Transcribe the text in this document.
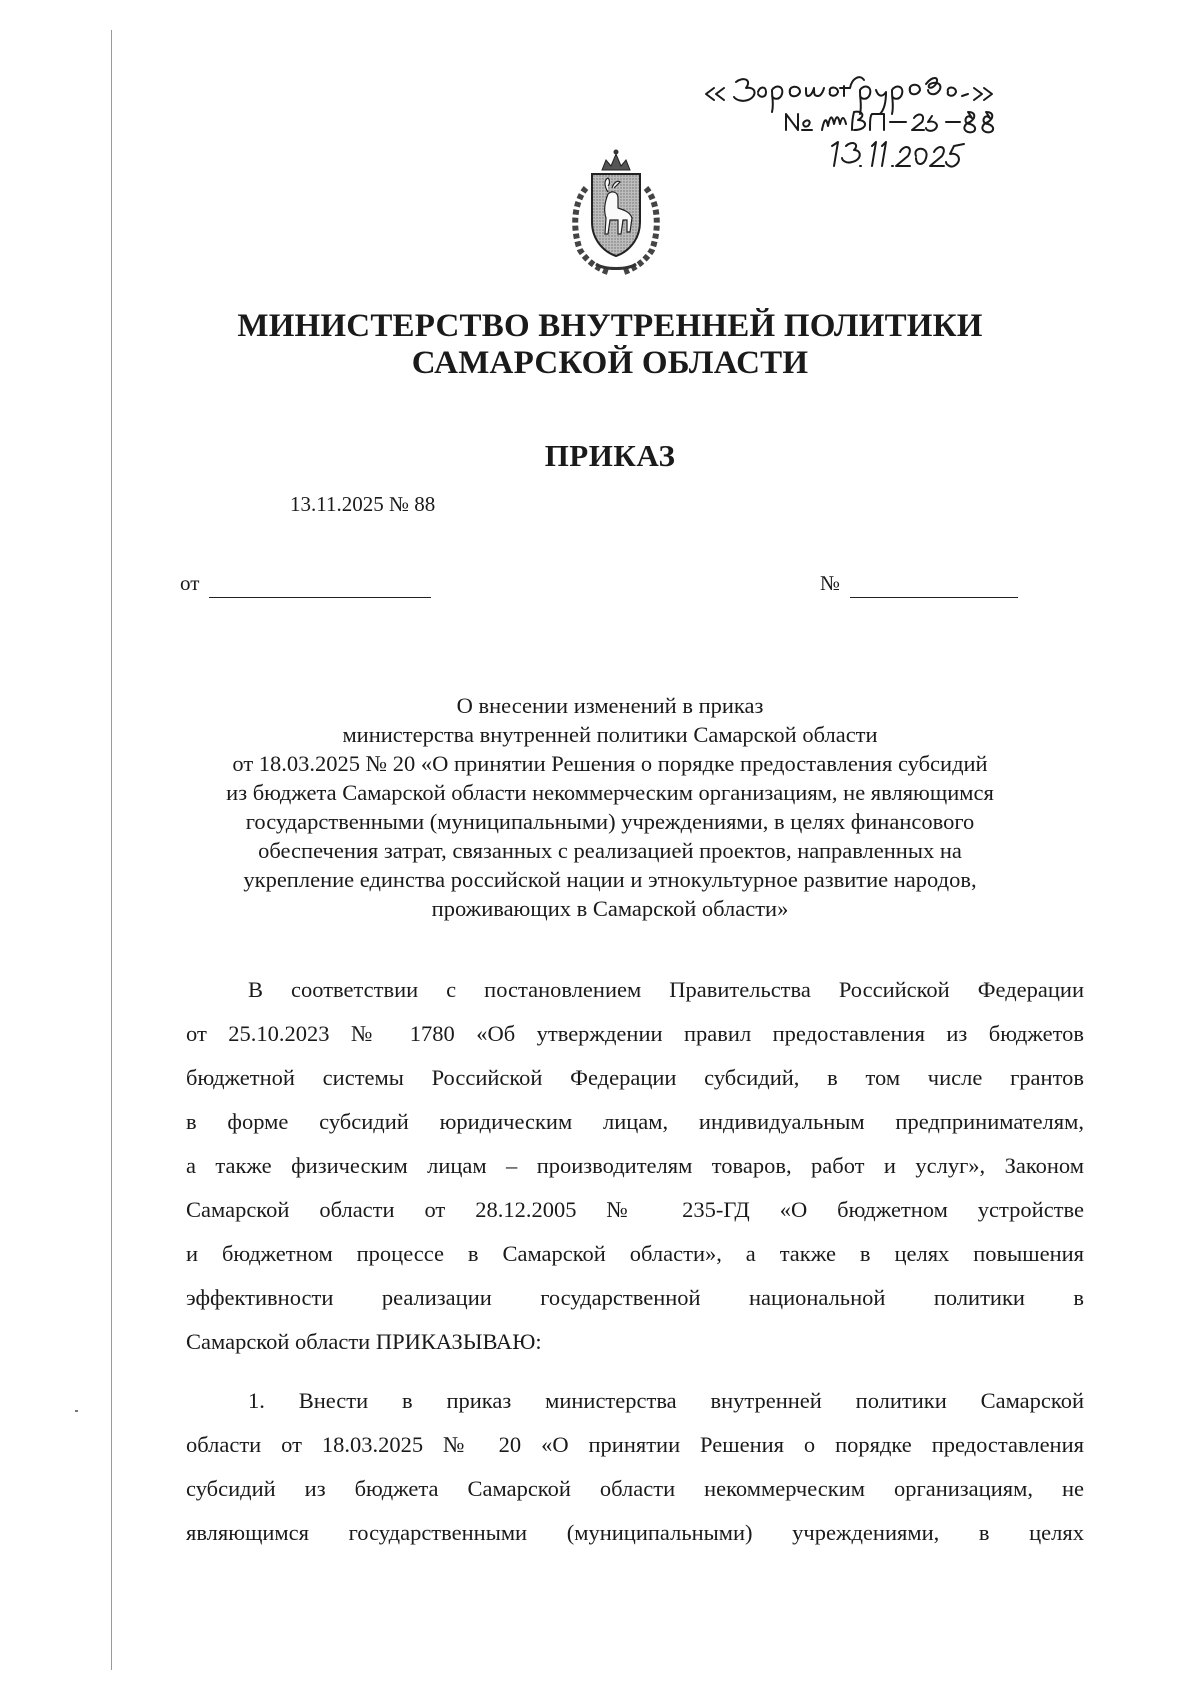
МИНИСТЕРСТВО ВНУТРЕННЕЙ ПОЛИТИКИ
САМАРСКОЙ ОБЛАСТИ
ПРИКАЗ
13.11.2025 № 88
от	№
О внесении изменений в приказ
министерства внутренней политики Самарской области
от 18.03.2025 № 20 «О принятии Решения о порядке предоставления субсидий
из бюджета Самарской области некоммерческим организациям, не являющимся
государственными (муниципальными) учреждениями, в целях финансового
обеспечения затрат, связанных с реализацией проектов, направленных на
укрепление единства российской нации и этнокультурное развитие народов,
проживающих в Самарской области»
В соответствии с постановлением Правительства Российской Федерации
от 25.10.2023 № 1780 «Об утверждении правил предоставления из бюджетов
бюджетной системы Российской Федерации субсидий, в том числе грантов
в форме субсидий юридическим лицам, индивидуальным предпринимателям,
а также физическим лицам – производителям товаров, работ и услуг», Законом
Самарской области от 28.12.2005 № 235-ГД «О бюджетном устройстве
и бюджетном процессе в Самарской области», а также в целях повышения
эффективности реализации государственной национальной политики в
Самарской области ПРИКАЗЫВАЮ:
1. Внести в приказ министерства внутренней политики Самарской
области от 18.03.2025 № 20 «О принятии Решения о порядке предоставления
субсидий из бюджета Самарской области некоммерческим организациям, не
являющимся государственными (муниципальными) учреждениями, в целях
